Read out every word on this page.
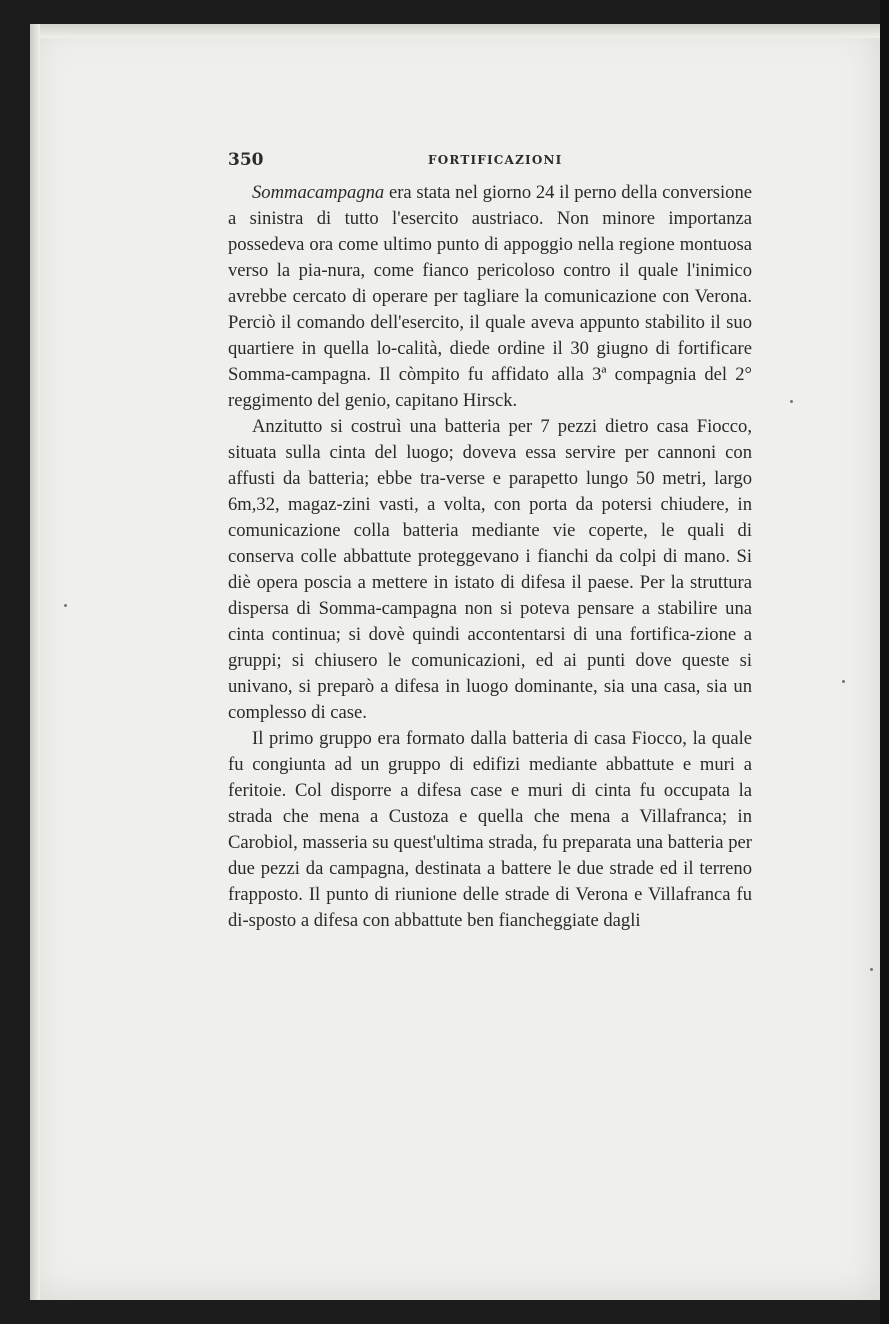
350	FORTIFICAZIONI

Sommacampagna era stata nel giorno 24 il perno della conversione a sinistra di tutto l'esercito austriaco. Non minore importanza possedeva ora come ultimo punto di appoggio nella regione montuosa verso la pia-nura, come fianco pericoloso contro il quale l'inimico avrebbe cercato di operare per tagliare la comunicazione con Verona. Perciò il comando dell'esercito, il quale aveva appunto stabilito il suo quartiere in quella lo-calità, diede ordine il 30 giugno di fortificare Somma-campagna. Il còmpito fu affidato alla 3ª compagnia del 2° reggimento del genio, capitano Hirsck.

Anzitutto si costruì una batteria per 7 pezzi dietro casa Fiocco, situata sulla cinta del luogo; doveva essa servire per cannoni con affusti da batteria; ebbe tra-verse e parapetto lungo 50 metri, largo 6m,32, magaz-zini vasti, a volta, con porta da potersi chiudere, in comunicazione colla batteria mediante vie coperte, le quali di conserva colle abbattute proteggevano i fianchi da colpi di mano. Si diè opera poscia a mettere in istato di difesa il paese. Per la struttura dispersa di Somma-campagna non si poteva pensare a stabilire una cinta continua; si dovè quindi accontentarsi di una fortifica-zione a gruppi; si chiusero le comunicazioni, ed ai punti dove queste si univano, si preparò a difesa in luogo dominante, sia una casa, sia un complesso di case.

Il primo gruppo era formato dalla batteria di casa Fiocco, la quale fu congiunta ad un gruppo di edifizi mediante abbattute e muri a feritoie. Col disporre a difesa case e muri di cinta fu occupata la strada che mena a Custoza e quella che mena a Villafranca; in Carobiol, masseria su quest'ultima strada, fu preparata una batteria per due pezzi da campagna, destinata a battere le due strade ed il terreno frapposto. Il punto di riunione delle strade di Verona e Villafranca fu di-sposto a difesa con abbattute ben fiancheggiate dagli
